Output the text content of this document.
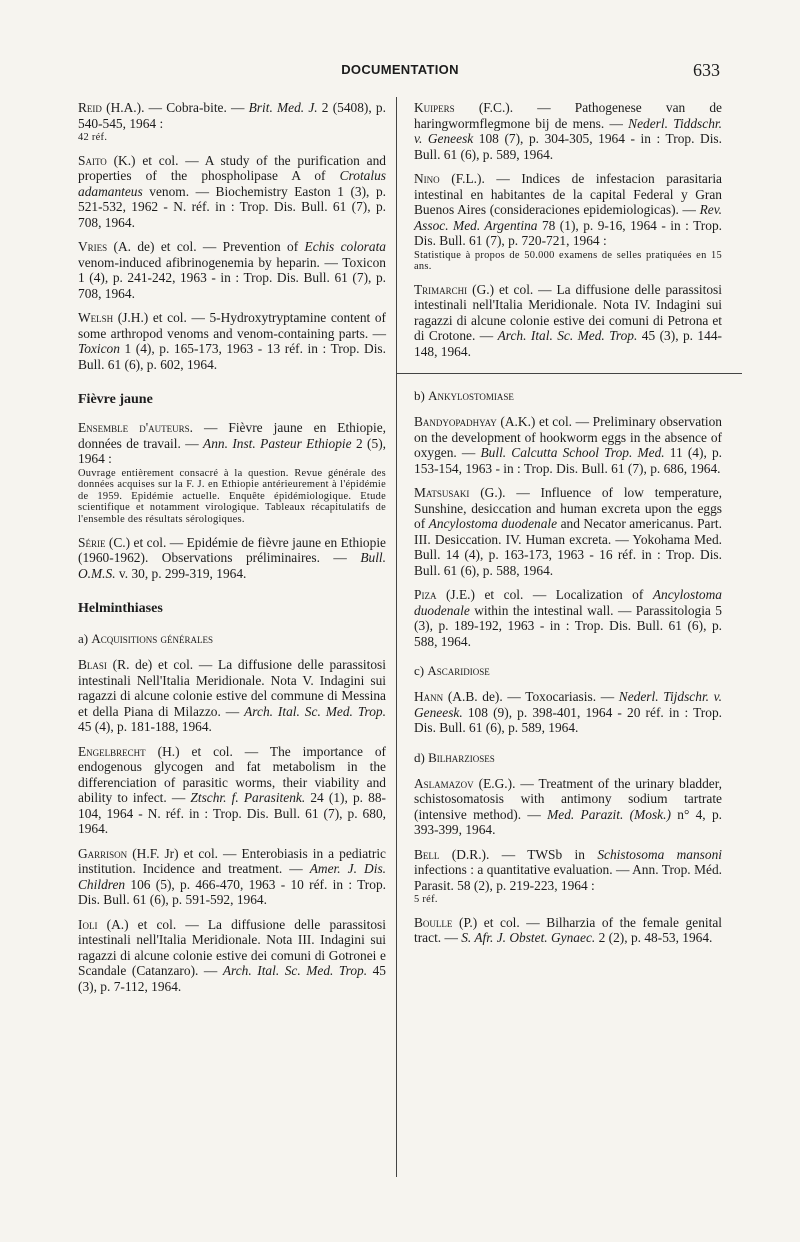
DOCUMENTATION	633
Reid (H.A.). — Cobra-bite. — Brit. Med. J. 2 (5408), p. 540-545, 1964 :
42 réf.
Saito (K.) et col. — A study of the purification and properties of the phospholipase A of Crotalus adamanteus venom. — Biochemistry Easton 1 (3), p. 521-532, 1962 - N. réf. in : Trop. Dis. Bull. 61 (7), p. 708, 1964.
Vries (A. de) et col. — Prevention of Echis colorata venom-induced afibrinogenemia by heparin. — Toxicon 1 (4), p. 241-242, 1963 - in : Trop. Dis. Bull. 61 (7), p. 708, 1964.
Welsh (J.H.) et col. — 5-Hydroxytryptamine content of some arthropod venoms and venom-containing parts. — Toxicon 1 (4), p. 165-173, 1963 - 13 réf. in : Trop. Dis. Bull. 61 (6), p. 602, 1964.
Fièvre jaune
Ensemble d'auteurs. — Fièvre jaune en Ethiopie, données de travail. — Ann. Inst. Pasteur Ethiopie 2 (5), 1964 :
Ouvrage entièrement consacré à la question. Revue générale des données acquises sur la F. J. en Ethiopie antérieurement à l'épidémie de 1959. Epidémie actuelle. Enquête épidémiologique. Etude scientifique et notamment virologique. Tableaux récapitulatifs de l'ensemble des résultats sérologiques.
Série (C.) et col. — Epidémie de fièvre jaune en Ethiopie (1960-1962). Observations préliminaires. — Bull. O.M.S. v. 30, p. 299-319, 1964.
Helminthiases
a) Acquisitions générales
Blasi (R. de) et col. — La diffusione delle parassitosi intestinali Nell'Italia Meridionale. Nota V. Indagini sui ragazzi di alcune colonie estive del commune di Messina et della Piana di Milazzo. — Arch. Ital. Sc. Med. Trop. 45 (4), p. 181-188, 1964.
Engelbrecht (H.) et col. — The importance of endogenous glycogen and fat metabolism in the differenciation of parasitic worms, their viability and ability to infect. — Ztschr. f. Parasitenk. 24 (1), p. 88-104, 1964 - N. réf. in : Trop. Dis. Bull. 61 (7), p. 680, 1964.
Garrison (H.F. Jr) et col. — Enterobiasis in a pediatric institution. Incidence and treatment. — Amer. J. Dis. Children 106 (5), p. 466-470, 1963 - 10 réf. in : Trop. Dis. Bull. 61 (6), p. 591-592, 1964.
Ioli (A.) et col. — La diffusione delle parassitosi intestinali nell'Italia Meridionale. Nota III. Indagini sui ragazzi di alcune colonie estive dei comuni di Gotronei e Scandale (Catanzaro). — Arch. Ital. Sc. Med. Trop. 45 (3), p. 7-112, 1964.
Kuipers (F.C.). — Pathogenese van de haringwormflegmone bij de mens. — Nederl. Tiddschr. v. Geneesk 108 (7), p. 304-305, 1964 - in : Trop. Dis. Bull. 61 (6), p. 589, 1964.
Nino (F.L.). — Indices de infestacion parasitaria intestinal en habitantes de la capital Federal y Gran Buenos Aires (consideraciones epidemiologicas). — Rev. Assoc. Med. Argentina 78 (1), p. 9-16, 1964 - in : Trop. Dis. Bull. 61 (7), p. 720-721, 1964 :
Statistique à propos de 50.000 examens de selles pratiquées en 15 ans.
Trimarchi (G.) et col. — La diffusione delle parassitosi intestinali nell'Italia Meridionale. Nota IV. Indagini sui ragazzi di alcune colonie estive dei comuni di Petrona et di Crotone. — Arch. Ital. Sc. Med. Trop. 45 (3), p. 144-148, 1964.
b) Ankylostomiase
Bandyopadhyay (A.K.) et col. — Preliminary observation on the development of hookworm eggs in the absence of oxygen. — Bull. Calcutta School Trop. Med. 11 (4), p. 153-154, 1963 - in : Trop. Dis. Bull. 61 (7), p. 686, 1964.
Matsusaki (G.). — Influence of low temperature, Sunshine, desiccation and human excreta upon the eggs of Ancylostoma duodenale and Necator americanus. Part. III. Desiccation. IV. Human excreta. — Yokohama Med. Bull. 14 (4), p. 163-173, 1963 - 16 réf. in : Trop. Dis. Bull. 61 (6), p. 588, 1964.
Piza (J.E.) et col. — Localization of Ancylostoma duodenale within the intestinal wall. — Parassitologia 5 (3), p. 189-192, 1963 - in : Trop. Dis. Bull. 61 (6), p. 588, 1964.
c) Ascaridiose
Hann (A.B. de). — Toxocariasis. — Nederl. Tijdschr. v. Geneesk. 108 (9), p. 398-401, 1964 - 20 réf. in : Trop. Dis. Bull. 61 (6), p. 589, 1964.
d) Bilharzioses
Aslamazov (E.G.). — Treatment of the urinary bladder, schistosomatosis with antimony sodium tartrate (intensive method). — Med. Parazit. (Mosk.) n° 4, p. 393-399, 1964.
Bell (D.R.). — TWSb in Schistosoma mansoni infections : a quantitative evaluation. — Ann. Trop. Méd. Parasit. 58 (2), p. 219-223, 1964 :
5 réf.
Boulle (P.) et col. — Bilharzia of the female genital tract. — S. Afr. J. Obstet. Gynaec. 2 (2), p. 48-53, 1964.
